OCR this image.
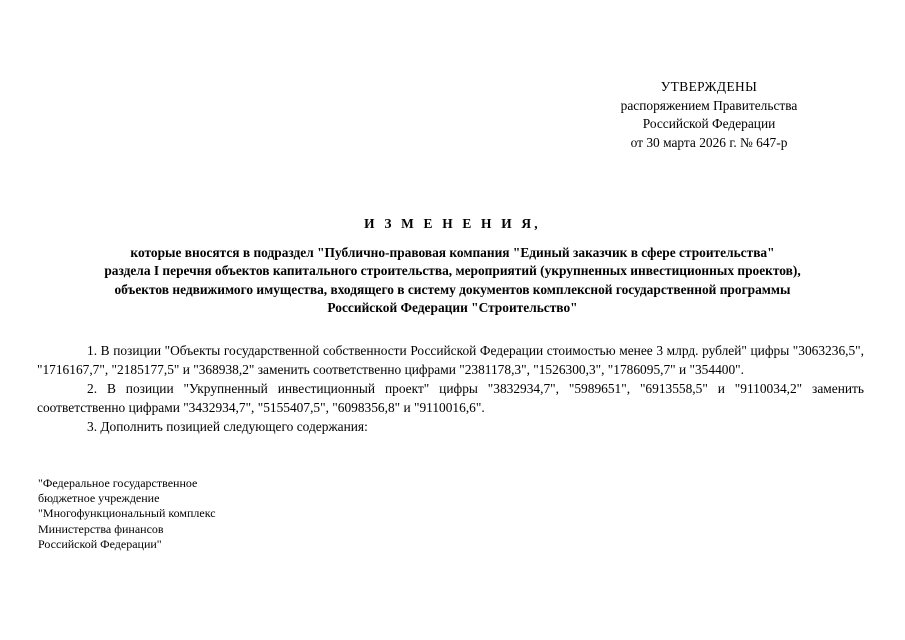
УТВЕРЖДЕНЫ
распоряжением Правительства
Российской Федерации
от 30 марта 2026 г. № 647-р
И З М Е Н Е Н И Я,
которые вносятся в подраздел "Публично-правовая компания "Единый заказчик в сфере строительства"
раздела I перечня объектов капитального строительства, мероприятий (укрупненных инвестиционных проектов),
объектов недвижимого имущества, входящего в систему документов комплексной государственной программы
Российской Федерации "Строительство"

1. В позиции "Объекты государственной собственности Российской Федерации стоимостью менее 3 млрд. рублей" цифры "3063236,5", "1716167,7", "2185177,5" и "368938,2" заменить соответственно цифрами "2381178,3", "1526300,3", "1786095,7" и "354400".

2. В позиции "Укрупненный инвестиционный проект" цифры "3832934,7", "5989651", "6913558,5" и "9110034,2" заменить соответственно цифрами "3432934,7", "5155407,5", "6098356,8" и "9110016,6".

3. Дополнить позицией следующего содержания:

"Федеральное государственное
бюджетное учреждение
"Многофункциональный комплекс
Министерства финансов
Российской Федерации"
